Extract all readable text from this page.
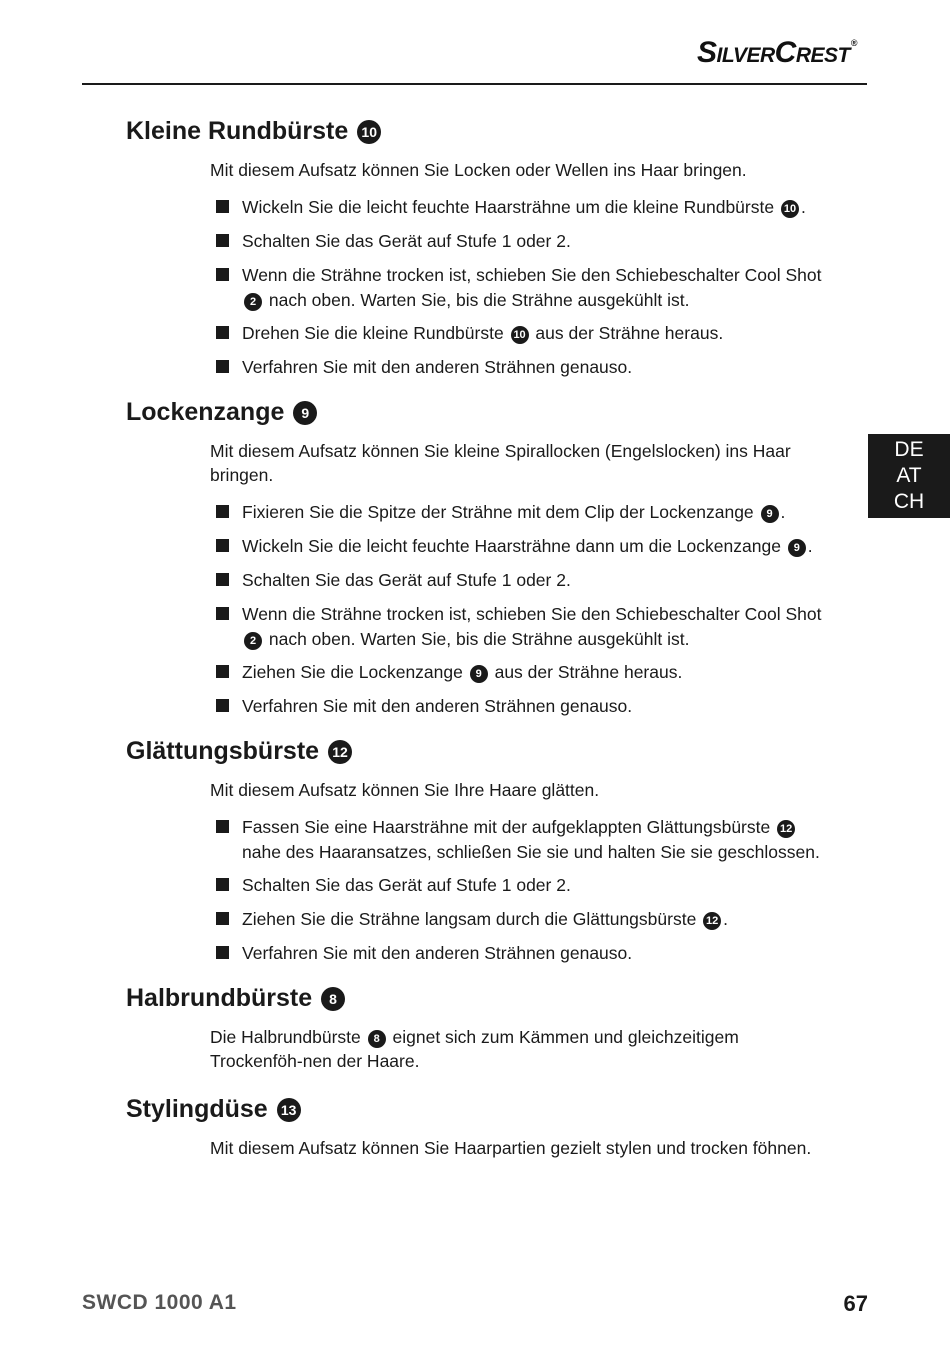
SilverCrest®
DE
AT
CH
Kleine Rundbürste 10
Mit diesem Aufsatz können Sie Locken oder Wellen ins Haar bringen.
Wickeln Sie die leicht feuchte Haarsträhne um die kleine Rundbürste 10 .
Schalten Sie das Gerät auf Stufe 1 oder 2.
Wenn die Strähne trocken ist, schieben Sie den Schiebeschalter Cool Shot 2 nach oben. Warten Sie, bis die Strähne ausgekühlt ist.
Drehen Sie die kleine Rundbürste 10 aus der Strähne heraus.
Verfahren Sie mit den anderen Strähnen genauso.
Lockenzange 9
Mit diesem Aufsatz können Sie kleine Spirallocken (Engelslocken) ins Haar bringen.
Fixieren Sie die Spitze der Strähne mit dem Clip der Lockenzange 9 .
Wickeln Sie die leicht feuchte Haarsträhne dann um die Lockenzange 9 .
Schalten Sie das Gerät auf Stufe 1 oder 2.
Wenn die Strähne trocken ist, schieben Sie den Schiebeschalter Cool Shot 2 nach oben. Warten Sie, bis die Strähne ausgekühlt ist.
Ziehen Sie die Lockenzange 9 aus der Strähne heraus.
Verfahren Sie mit den anderen Strähnen genauso.
Glättungsbürste 12
Mit diesem Aufsatz können Sie Ihre Haare glätten.
Fassen Sie eine Haarsträhne mit der aufgeklappten Glättungsbürste 12 nahe des Haaransatzes, schließen Sie sie und halten Sie sie geschlossen.
Schalten Sie das Gerät auf Stufe 1 oder 2.
Ziehen Sie die Strähne langsam durch die Glättungsbürste 12 .
Verfahren Sie mit den anderen Strähnen genauso.
Halbrundbürste 8
Die Halbrundbürste 8 eignet sich zum Kämmen und gleichzeitigem Trockenföh-nen der Haare.
Stylingdüse 13
Mit diesem Aufsatz können Sie Haarpartien gezielt stylen und trocken föhnen.
SWCD 1000 A1	67
